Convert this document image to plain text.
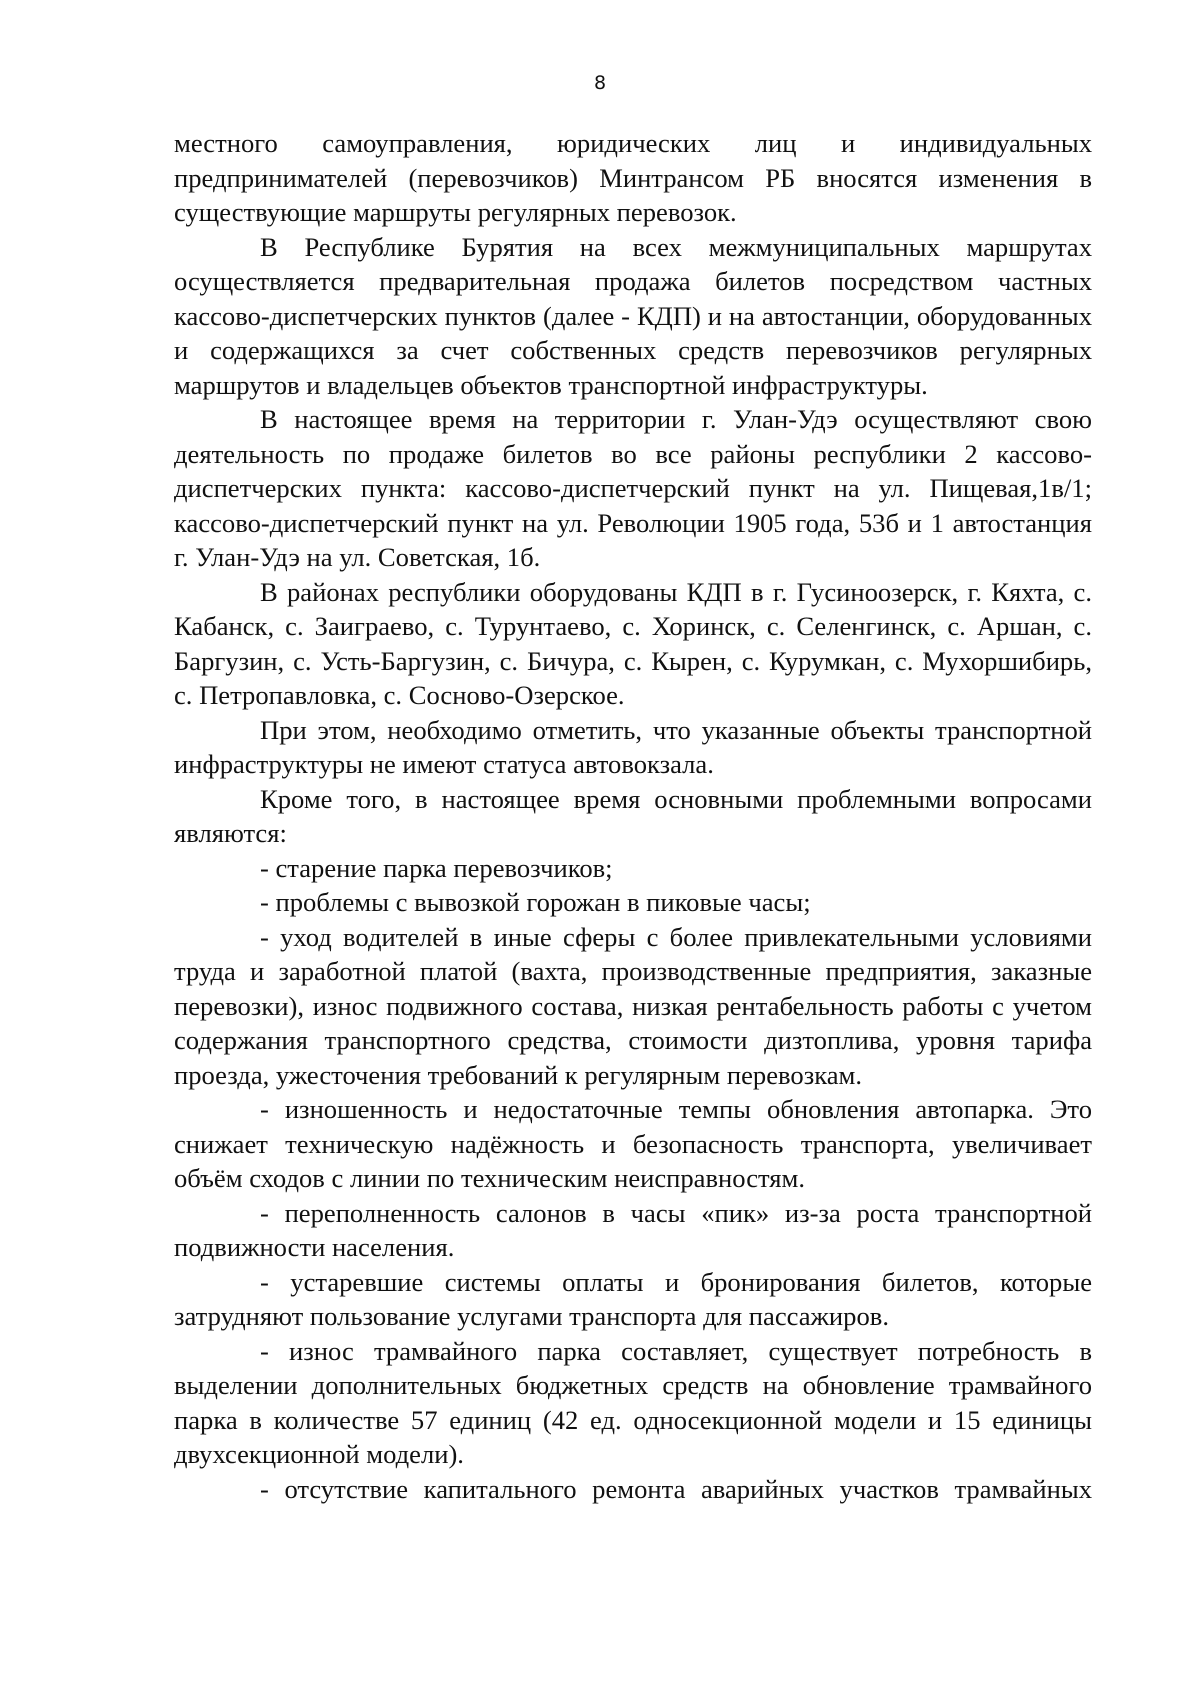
8

местного самоуправления, юридических лиц и индивидуальных предпринимателей (перевозчиков) Минтрансом РБ вносятся изменения в существующие маршруты регулярных перевозок.

В Республике Бурятия на всех межмуниципальных маршрутах осуществляется предварительная продажа билетов посредством частных кассово-диспетчерских пунктов (далее - КДП) и на автостанции, оборудованных и содержащихся за счет собственных средств перевозчиков регулярных маршрутов и владельцев объектов транспортной инфраструктуры.

В настоящее время на территории г. Улан-Удэ осуществляют свою деятельность по продаже билетов во все районы республики 2 кассово-диспетчерских пункта: кассово-диспетчерский пункт на ул. Пищевая,1в/1; кассово-диспетчерский пункт на ул. Революции 1905 года, 53б и 1 автостанция г. Улан-Удэ на ул. Советская, 1б.

В районах республики оборудованы КДП в г. Гусиноозерск, г. Кяхта, с. Кабанск, с. Заиграево, с. Турунтаево, с. Хоринск, с. Селенгинск, с. Аршан, с. Баргузин, с. Усть-Баргузин, с. Бичура, с. Кырен, с. Курумкан, с. Мухоршибирь, с. Петропавловка, с. Сосново-Озерское.

При этом, необходимо отметить, что указанные объекты транспортной инфраструктуры не имеют статуса автовокзала.

Кроме того, в настоящее время основными проблемными вопросами являются:

- старение парка перевозчиков;

- проблемы с вывозкой горожан в пиковые часы;

- уход водителей в иные сферы с более привлекательными условиями труда и заработной платой (вахта, производственные предприятия, заказные перевозки), износ подвижного состава, низкая рентабельность работы с учетом содержания транспортного средства, стоимости дизтоплива, уровня тарифа проезда, ужесточения требований к регулярным перевозкам.

- изношенность и недостаточные темпы обновления автопарка. Это снижает техническую надёжность и безопасность транспорта, увеличивает объём сходов с линии по техническим неисправностям.

- переполненность салонов в часы «пик» из-за роста транспортной подвижности населения.

- устаревшие системы оплаты и бронирования билетов, которые затрудняют пользование услугами транспорта для пассажиров.

- износ трамвайного парка составляет, существует потребность в выделении дополнительных бюджетных средств на обновление трамвайного парка в количестве 57 единиц (42 ед. односекционной модели и 15 единицы двухсекционной модели).

- отсутствие капитального ремонта аварийных участков трамвайных
